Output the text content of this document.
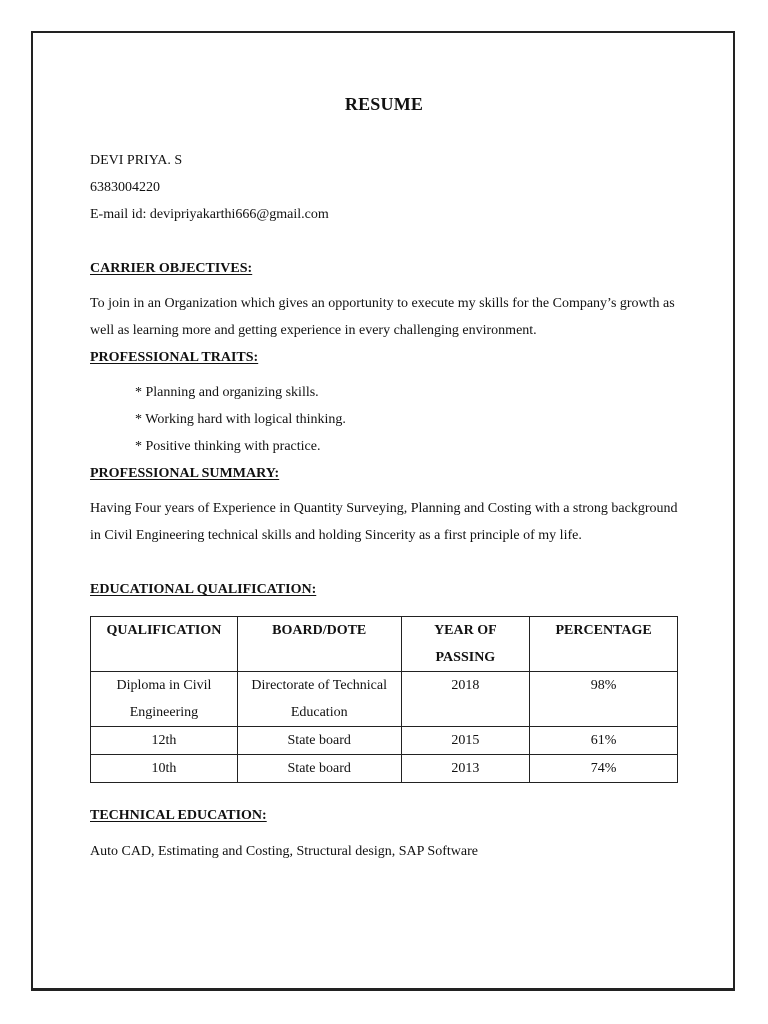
RESUME
DEVI PRIYA. S
6383004220
E-mail id: devipriyakarthi666@gmail.com
CARRIER OBJECTIVES:
To join in an Organization which gives an opportunity to execute my skills for the Company’s growth as well as learning more and getting experience in every challenging environment.
PROFESSIONAL TRAITS:
* Planning and organizing skills.
* Working hard with logical thinking.
* Positive thinking with practice.
PROFESSIONAL SUMMARY:
Having Four years of Experience in Quantity Surveying, Planning and Costing with a strong background in Civil Engineering technical skills and holding Sincerity as a first principle of my life.
EDUCATIONAL QUALIFICATION:
QUALIFICATION	BOARD/DOTE	YEAR OF PASSING	PERCENTAGE
Diploma in Civil Engineering	Directorate of Technical Education	2018	98%
12th	State board	2015	61%
10th	State board	2013	74%
TECHNICAL EDUCATION:
Auto CAD, Estimating and Costing, Structural design, SAP Software
